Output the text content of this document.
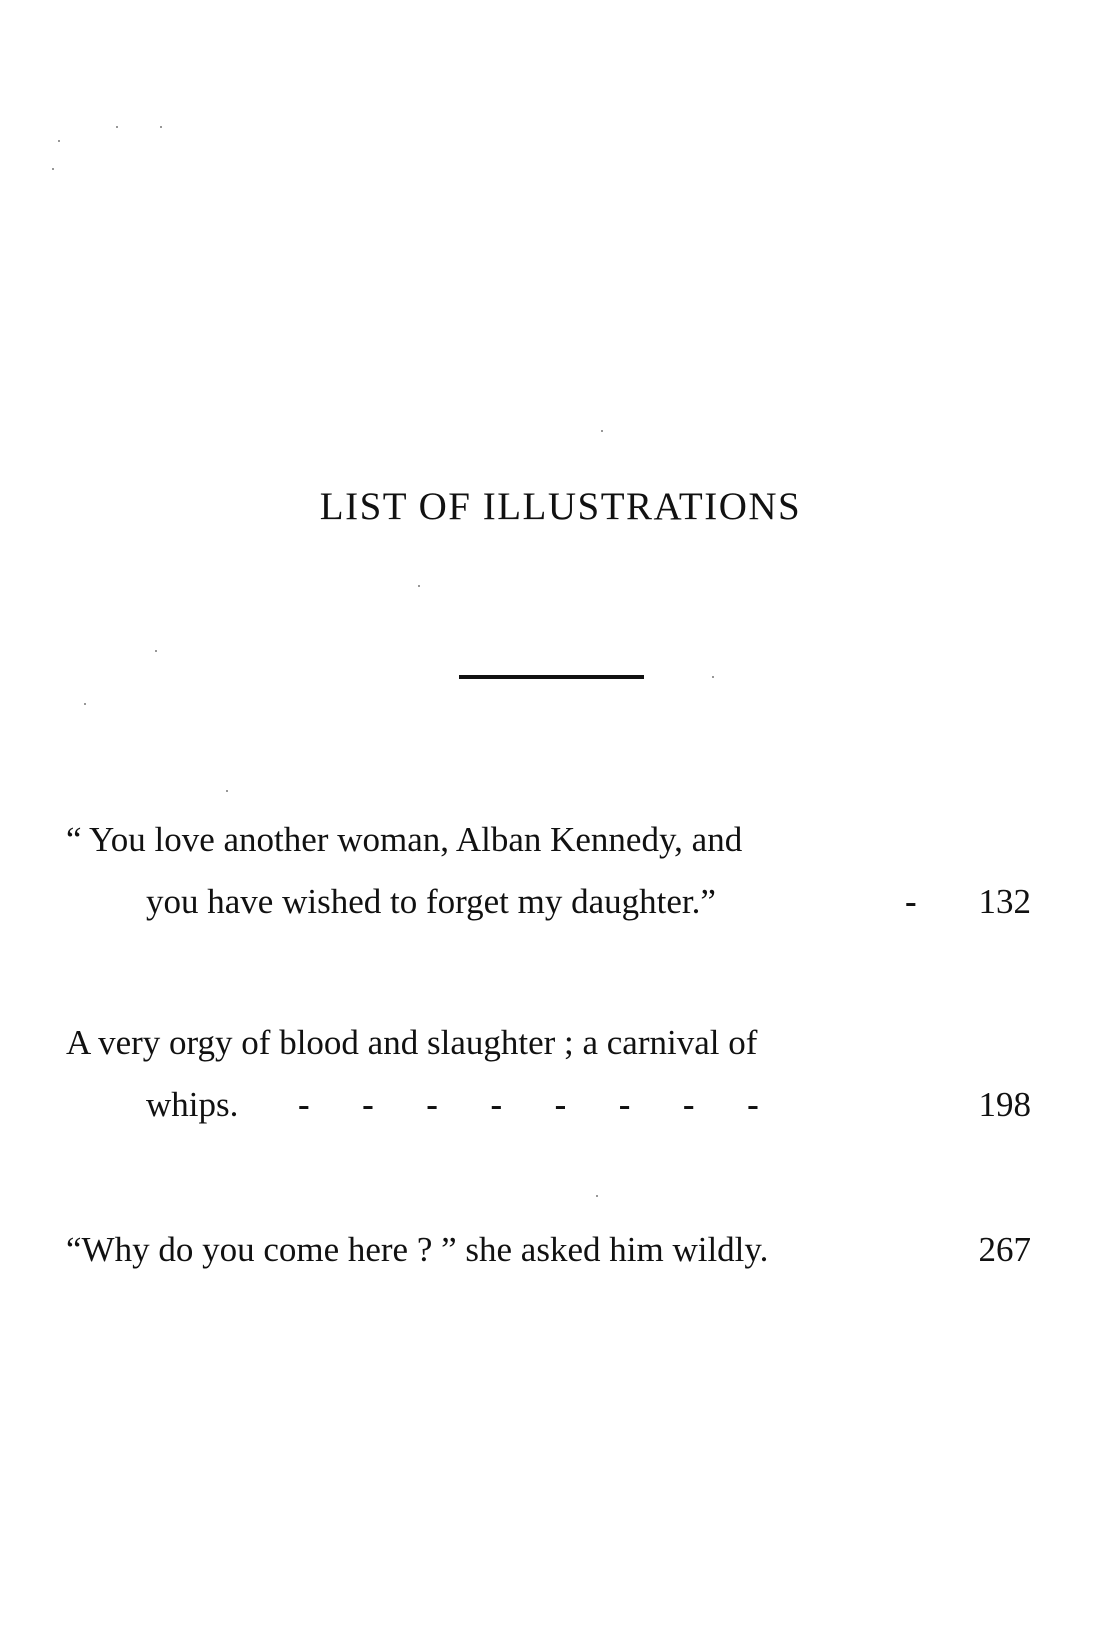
LIST OF ILLUSTRATIONS
“ You love another woman, Alban Kennedy, and
you have wished to forget my daughter.”	- 132
A very orgy of blood and slaughter ; a carnival of
whips. -      -      -      -      -      -      -      -	198
“Why do you come here ? ” she asked him wildly.	267
